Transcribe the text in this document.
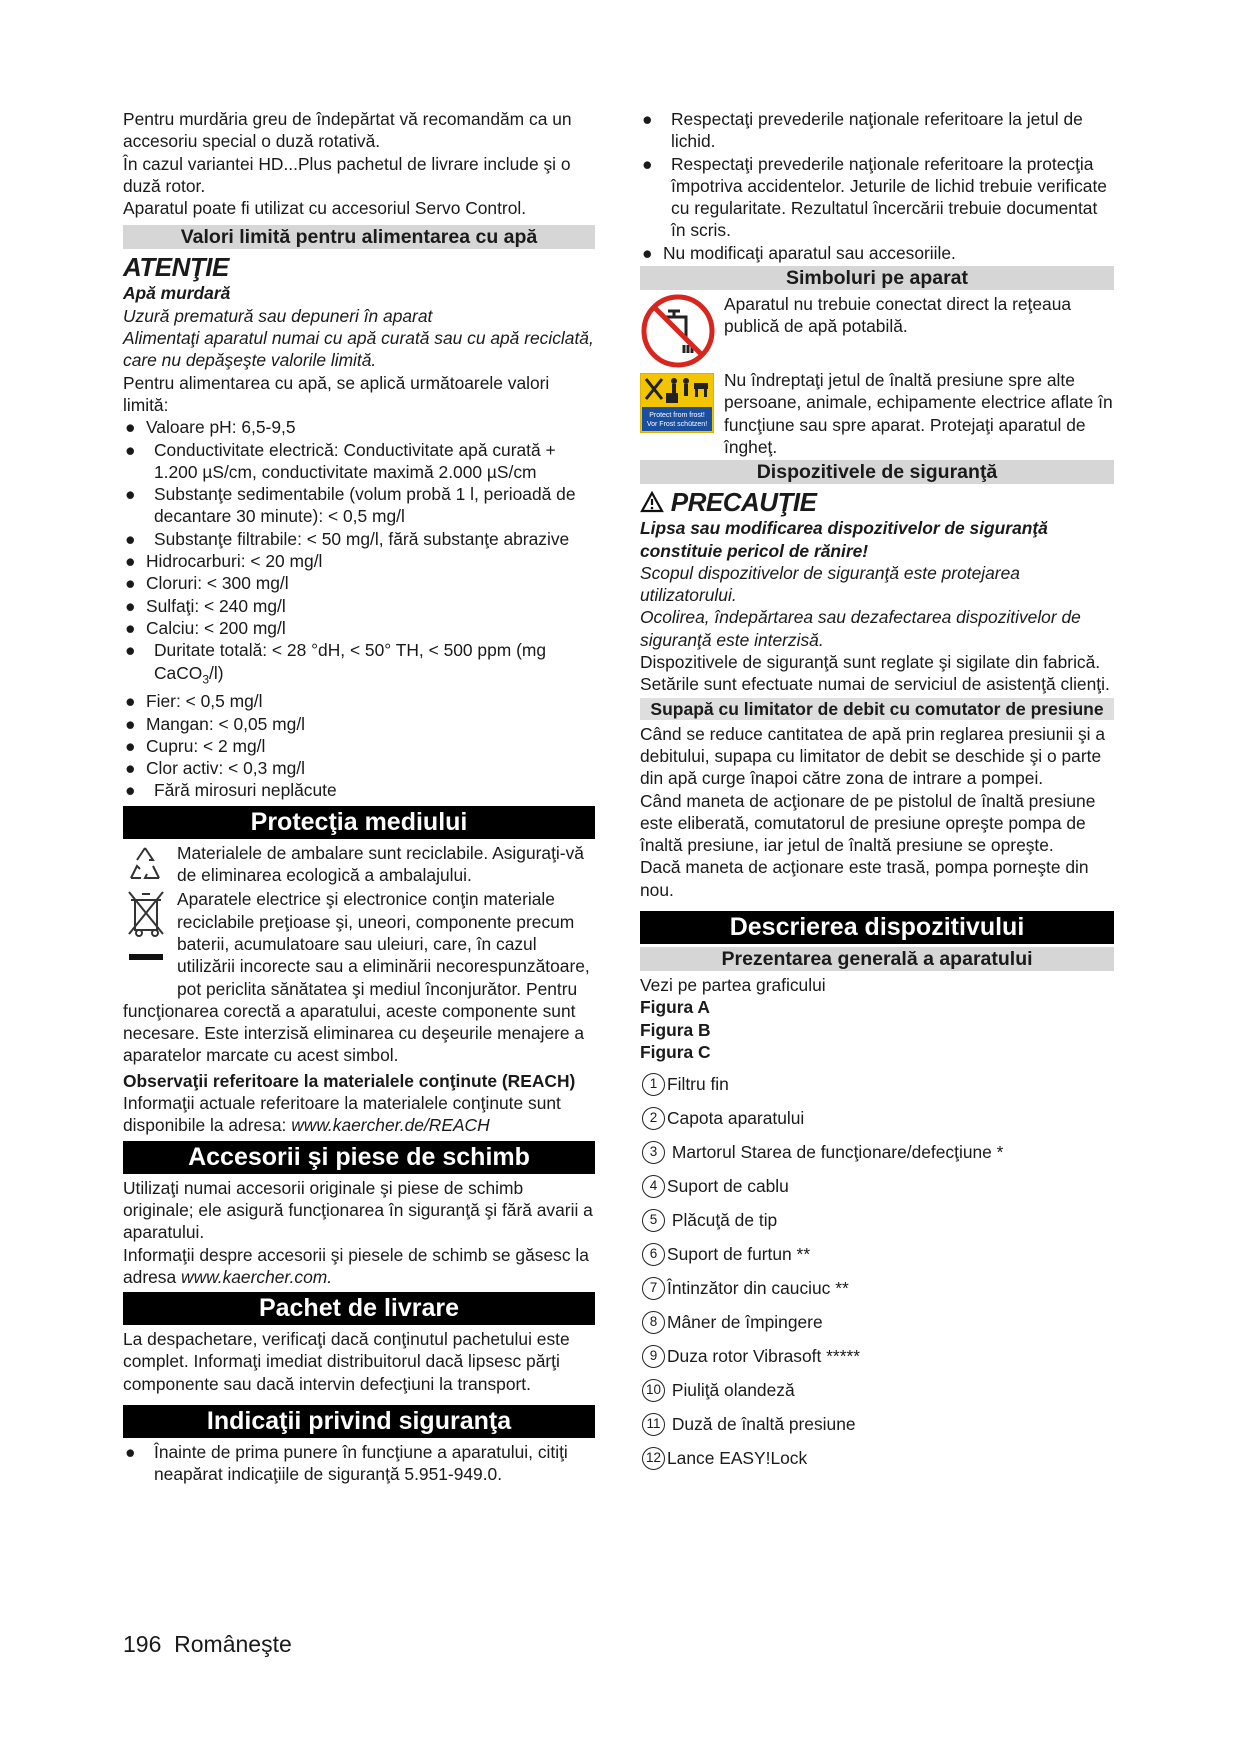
Pentru murdăria greu de îndepărtat vă recomandăm ca un accesoriu special o duză rotativă.

În cazul variantei HD...Plus pachetul de livrare include şi o duză rotor.

Aparatul poate fi utilizat cu accesoriul Servo Control.

Valori limită pentru alimentarea cu apă
ATENŢIE

Apă murdară

Uzură prematură sau depuneri în aparat

Alimentaţi aparatul numai cu apă curată sau cu apă reciclată, care nu depăşeşte valorile limită.

Pentru alimentarea cu apă, se aplică următoarele valori limită:

● Valoare pH: 6,5-9,5
● Conductivitate electrică: Conductivitate apă curată + 1.200 µS/cm, conductivitate maximă 2.000 µS/cm
● Substanţe sedimentabile (volum probă 1 l, perioadă de decantare 30 minute): < 0,5 mg/l
● Substanţe filtrabile: < 50 mg/l, fără substanţe abrazive
● Hidrocarburi: < 20 mg/l
● Cloruri: < 300 mg/l
● Sulfaţi: < 240 mg/l
● Calciu: < 200 mg/l
● Duritate totală: < 28 °dH, < 50° TH, < 500 ppm (mg CaCO$_3$/l)
● Fier: < 0,5 mg/l
● Mangan: < 0,05 mg/l
● Cupru: < 2 mg/l
● Clor activ: < 0,3 mg/l
● Fără mirosuri neplăcute
Protecţia mediului

Materialele de ambalare sunt reciclabile. Asiguraţi-vă de eliminarea ecologică a ambalajului.

Aparatele electrice şi electronice conţin materiale reciclabile preţioase şi, uneori, componente precum baterii, acumulatoare sau uleiuri, care, în cazul utilizării incorecte sau a eliminării necorespunzătoare, pot periclita sănătatea şi mediul înconjurător. Pentru funcţionarea corectă a aparatului, aceste componente sunt necesare. Este interzisă eliminarea cu deşeurile menajere a aparatelor marcate cu acest simbol.

Observaţii referitoare la materialele conţinute (REACH)

Informaţii actuale referitoare la materialele conţinute sunt disponibile la adresa: www.kaercher.de/REACH

Accesorii şi piese de schimb

Utilizaţi numai accesorii originale şi piese de schimb originale; ele asigură funcţionarea în siguranţă şi fără avarii a aparatului.

Informaţii despre accesorii şi piesele de schimb se găsesc la adresa www.kaercher.com.

Pachet de livrare

La despachetare, verificaţi dacă conţinutul pachetului este complet. Informaţi imediat distribuitorul dacă lipsesc părţi componente sau dacă intervin defecţiuni la transport.

Indicaţii privind siguranţa
● Înainte de prima punere în funcţiune a aparatului, citiţi neapărat indicaţiile de siguranţă 5.951-949.0.
● Respectaţi prevederile naţionale referitoare la jetul de lichid.
● Respectaţi prevederile naţionale referitoare la protecţia împotriva accidentelor. Jeturile de lichid trebuie verificate cu regularitate. Rezultatul încercării trebuie documentat în scris.
● Nu modificaţi aparatul sau accesoriile.
Simboluri pe aparat

Aparatul nu trebuie conectat direct la reţeaua publică de apă potabilă.

Protect from frost!
Vor Frost schützen!

Nu îndreptaţi jetul de înaltă presiune spre alte persoane, animale, echipamente electrice aflate în funcţiune sau spre aparat. Protejaţi aparatul de îngheţ.

Dispozitivele de siguranţă
PRECAUŢIE

Lipsa sau modificarea dispozitivelor de siguranţă constituie pericol de rănire!

Scopul dispozitivelor de siguranţă este protejarea utilizatorului.

Ocolirea, îndepărtarea sau dezafectarea dispozitivelor de siguranţă este interzisă.

Dispozitivele de siguranţă sunt reglate şi sigilate din fabrică. Setările sunt efectuate numai de serviciul de asistenţă clienţi.

Supapă cu limitator de debit cu comutator de presiune

Când se reduce cantitatea de apă prin reglarea presiunii şi a debitului, supapa cu limitator de debit se deschide şi o parte din apă curge înapoi către zona de intrare a pompei.

Când maneta de acţionare de pe pistolul de înaltă presiune este eliberată, comutatorul de presiune opreşte pompa de înaltă presiune, iar jetul de înaltă presiune se opreşte.

Dacă maneta de acţionare este trasă, pompa porneşte din nou.

Descrierea dispozitivului
Prezentarea generală a aparatului

Vezi pe partea graficului

Figura A

Figura B

Figura C

1 Filtru fin
2 Capota aparatului
3
Martorul Starea de funcţionare/defecţiune *
4 Suport de cablu
5
Plăcuţă de tip
6 Suport de furtun **
7 Întinzător din cauciuc **
8 Mâner de împingere
9 Duza rotor Vibrasoft *****
10
Piuliţă olandeză
11
Duză de înaltă presiune
12 Lance EASY!Lock
196 Româneşte
